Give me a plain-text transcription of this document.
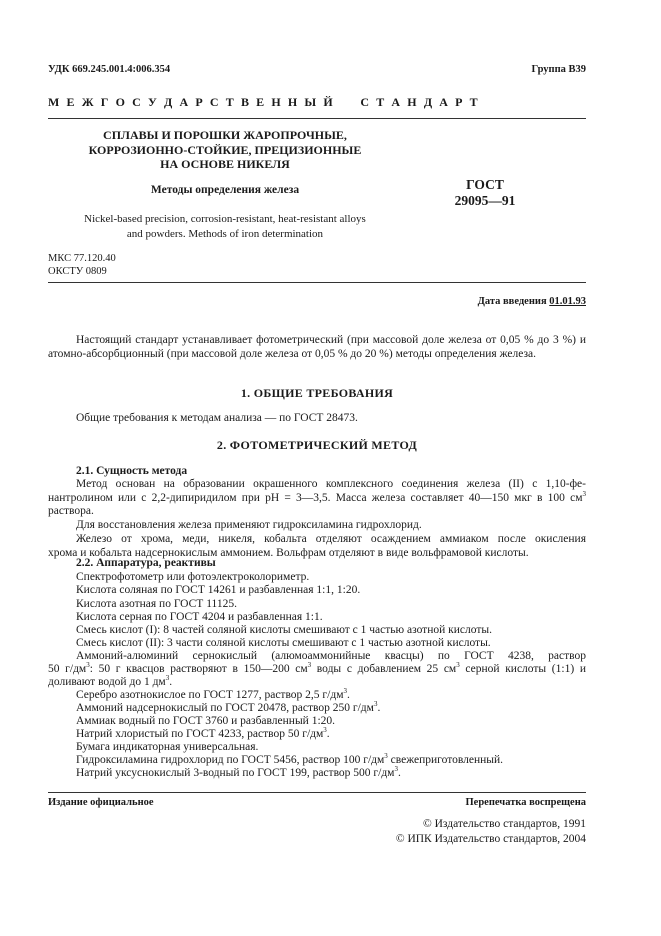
УДК 669.245.001.4:006.354	Группа В39
М Е Ж Г О С У Д А Р С Т В Е Н Н Ы Й     С Т А Н Д А Р Т
СПЛАВЫ И ПОРОШКИ ЖАРОПРОЧНЫЕ,
КОРРОЗИОННО-СТОЙКИЕ, ПРЕЦИЗИОННЫЕ
НА ОСНОВЕ НИКЕЛЯ
Методы определения железа
Nickel-based precision, corrosion-resistant, heat-resistant alloys
and powders. Methods of iron determination
ГОСТ
29095—91
МКС 77.120.40
ОКСТУ 0809
Дата введения 01.01.93

Настоящий стандарт устанавливает фотометрический (при массовой доле железа от 0,05 % до 3 %) и атомно-абсорбционный (при массовой доле железа от 0,05 % до 20 %) методы определения железа.

1. ОБЩИЕ ТРЕБОВАНИЯ
Общие требования к методам анализа — по ГОСТ 28473.
2. ФОТОМЕТРИЧЕСКИЙ МЕТОД
2.1. Сущность метода
Метод основан на образовании окрашенного комплексного соединения железа (II) с 1,10-фе-
нантролином или с 2,2-дипиридилом при pH = 3—3,5. Масса железа составляет 40—150 мкг в 100 $см^3$
раствора.
Для восстановления железа применяют гидроксиламина гидрохлорид.
Железо от хрома, меди, никеля, кобальта отделяют осаждением аммиаком после окисления
хрома и кобальта надсернокислым аммонием. Вольфрам отделяют в виде вольфрамовой кислоты.
2.2. Аппаратура, реактивы
Спектрофотометр или фотоэлектроколориметр.
Кислота соляная по ГОСТ 14261 и разбавленная 1:1, 1:20.
Кислота азотная по ГОСТ 11125.
Кислота серная по ГОСТ 4204 и разбавленная 1:1.
Смесь кислот (I): 8 частей соляной кислоты смешивают с 1 частью азотной кислоты.
Смесь кислот (II): 3 части соляной кислоты смешивают с 1 частью азотной кислоты.
Аммоний-алюминий сернокислый (алюмоаммонийные квасцы) по ГОСТ 4238, раствор
50 $г/дм^3$: 50 г квасцов растворяют в 150—200 $см^3$ воды с добавлением 25 $см^3$ серной кислоты (1:1) и
доливают водой до 1 $дм^3$.
Серебро азотнокислое по ГОСТ 1277, раствор 2,5 $г/дм^3$.
Аммоний надсернокислый по ГОСТ 20478, раствор 250 $г/дм^3$.
Аммиак водный по ГОСТ 3760 и разбавленный 1:20.
Натрий хлористый по ГОСТ 4233, раствор 50 $г/дм^3$.
Бумага индикаторная универсальная.
Гидроксиламина гидрохлорид по ГОСТ 5456, раствор 100 $г/дм^3$ свежеприготовленный.
Натрий уксуснокислый 3-водный по ГОСТ 199, раствор 500 $г/дм^3$.
Издание официальное	Перепечатка воспрещена
© Издательство стандартов, 1991
© ИПК Издательство стандартов, 2004
